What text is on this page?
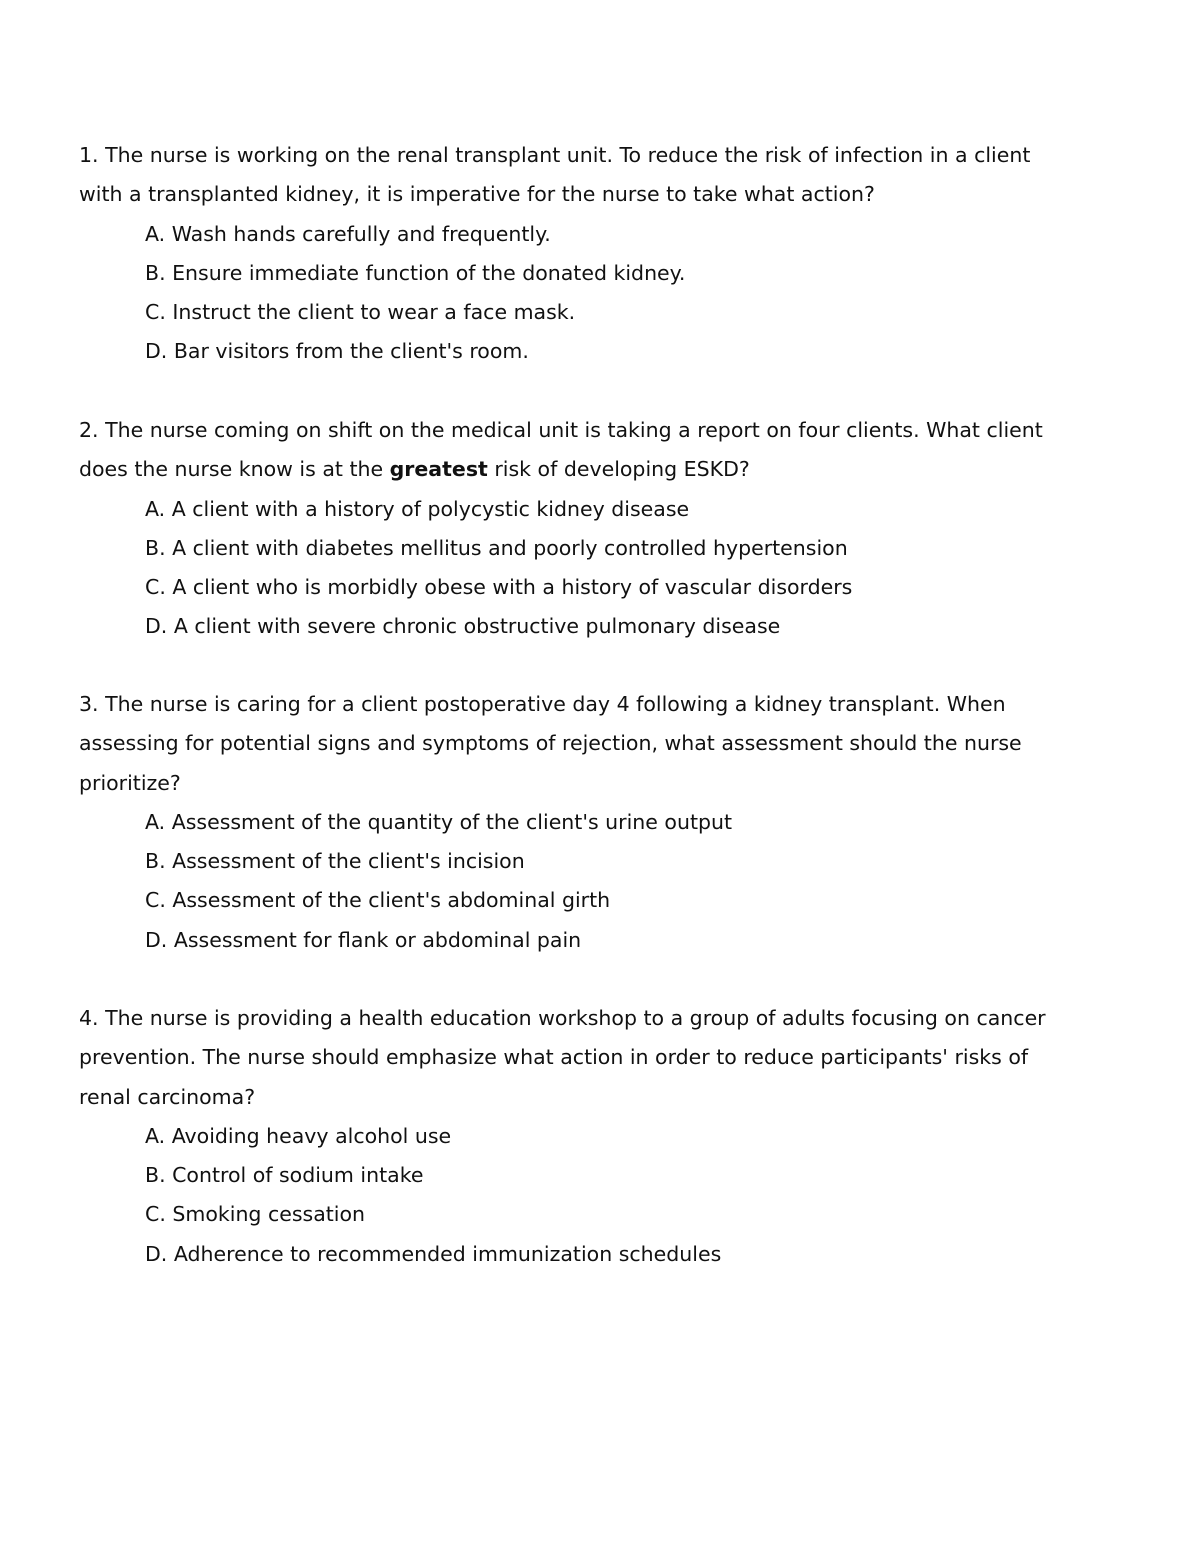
1. The nurse is working on the renal transplant unit. To reduce the risk of infection in a client with a transplanted kidney, it is imperative for the nurse to take what action?

A. Wash hands carefully and frequently.
B. Ensure immediate function of the donated kidney.
C. Instruct the client to wear a face mask.
D. Bar visitors from the client's room.

2. The nurse coming on shift on the medical unit is taking a report on four clients. What client does the nurse know is at the greatest risk of developing ESKD?

A. A client with a history of polycystic kidney disease
B. A client with diabetes mellitus and poorly controlled hypertension
C. A client who is morbidly obese with a history of vascular disorders
D. A client with severe chronic obstructive pulmonary disease

3. The nurse is caring for a client postoperative day 4 following a kidney transplant. When assessing for potential signs and symptoms of rejection, what assessment should the nurse prioritize?

A. Assessment of the quantity of the client's urine output
B. Assessment of the client's incision
C. Assessment of the client's abdominal girth
D. Assessment for flank or abdominal pain

4. The nurse is providing a health education workshop to a group of adults focusing on cancer prevention. The nurse should emphasize what action in order to reduce participants' risks of renal carcinoma?

A. Avoiding heavy alcohol use
B. Control of sodium intake
C. Smoking cessation
D. Adherence to recommended immunization schedules
